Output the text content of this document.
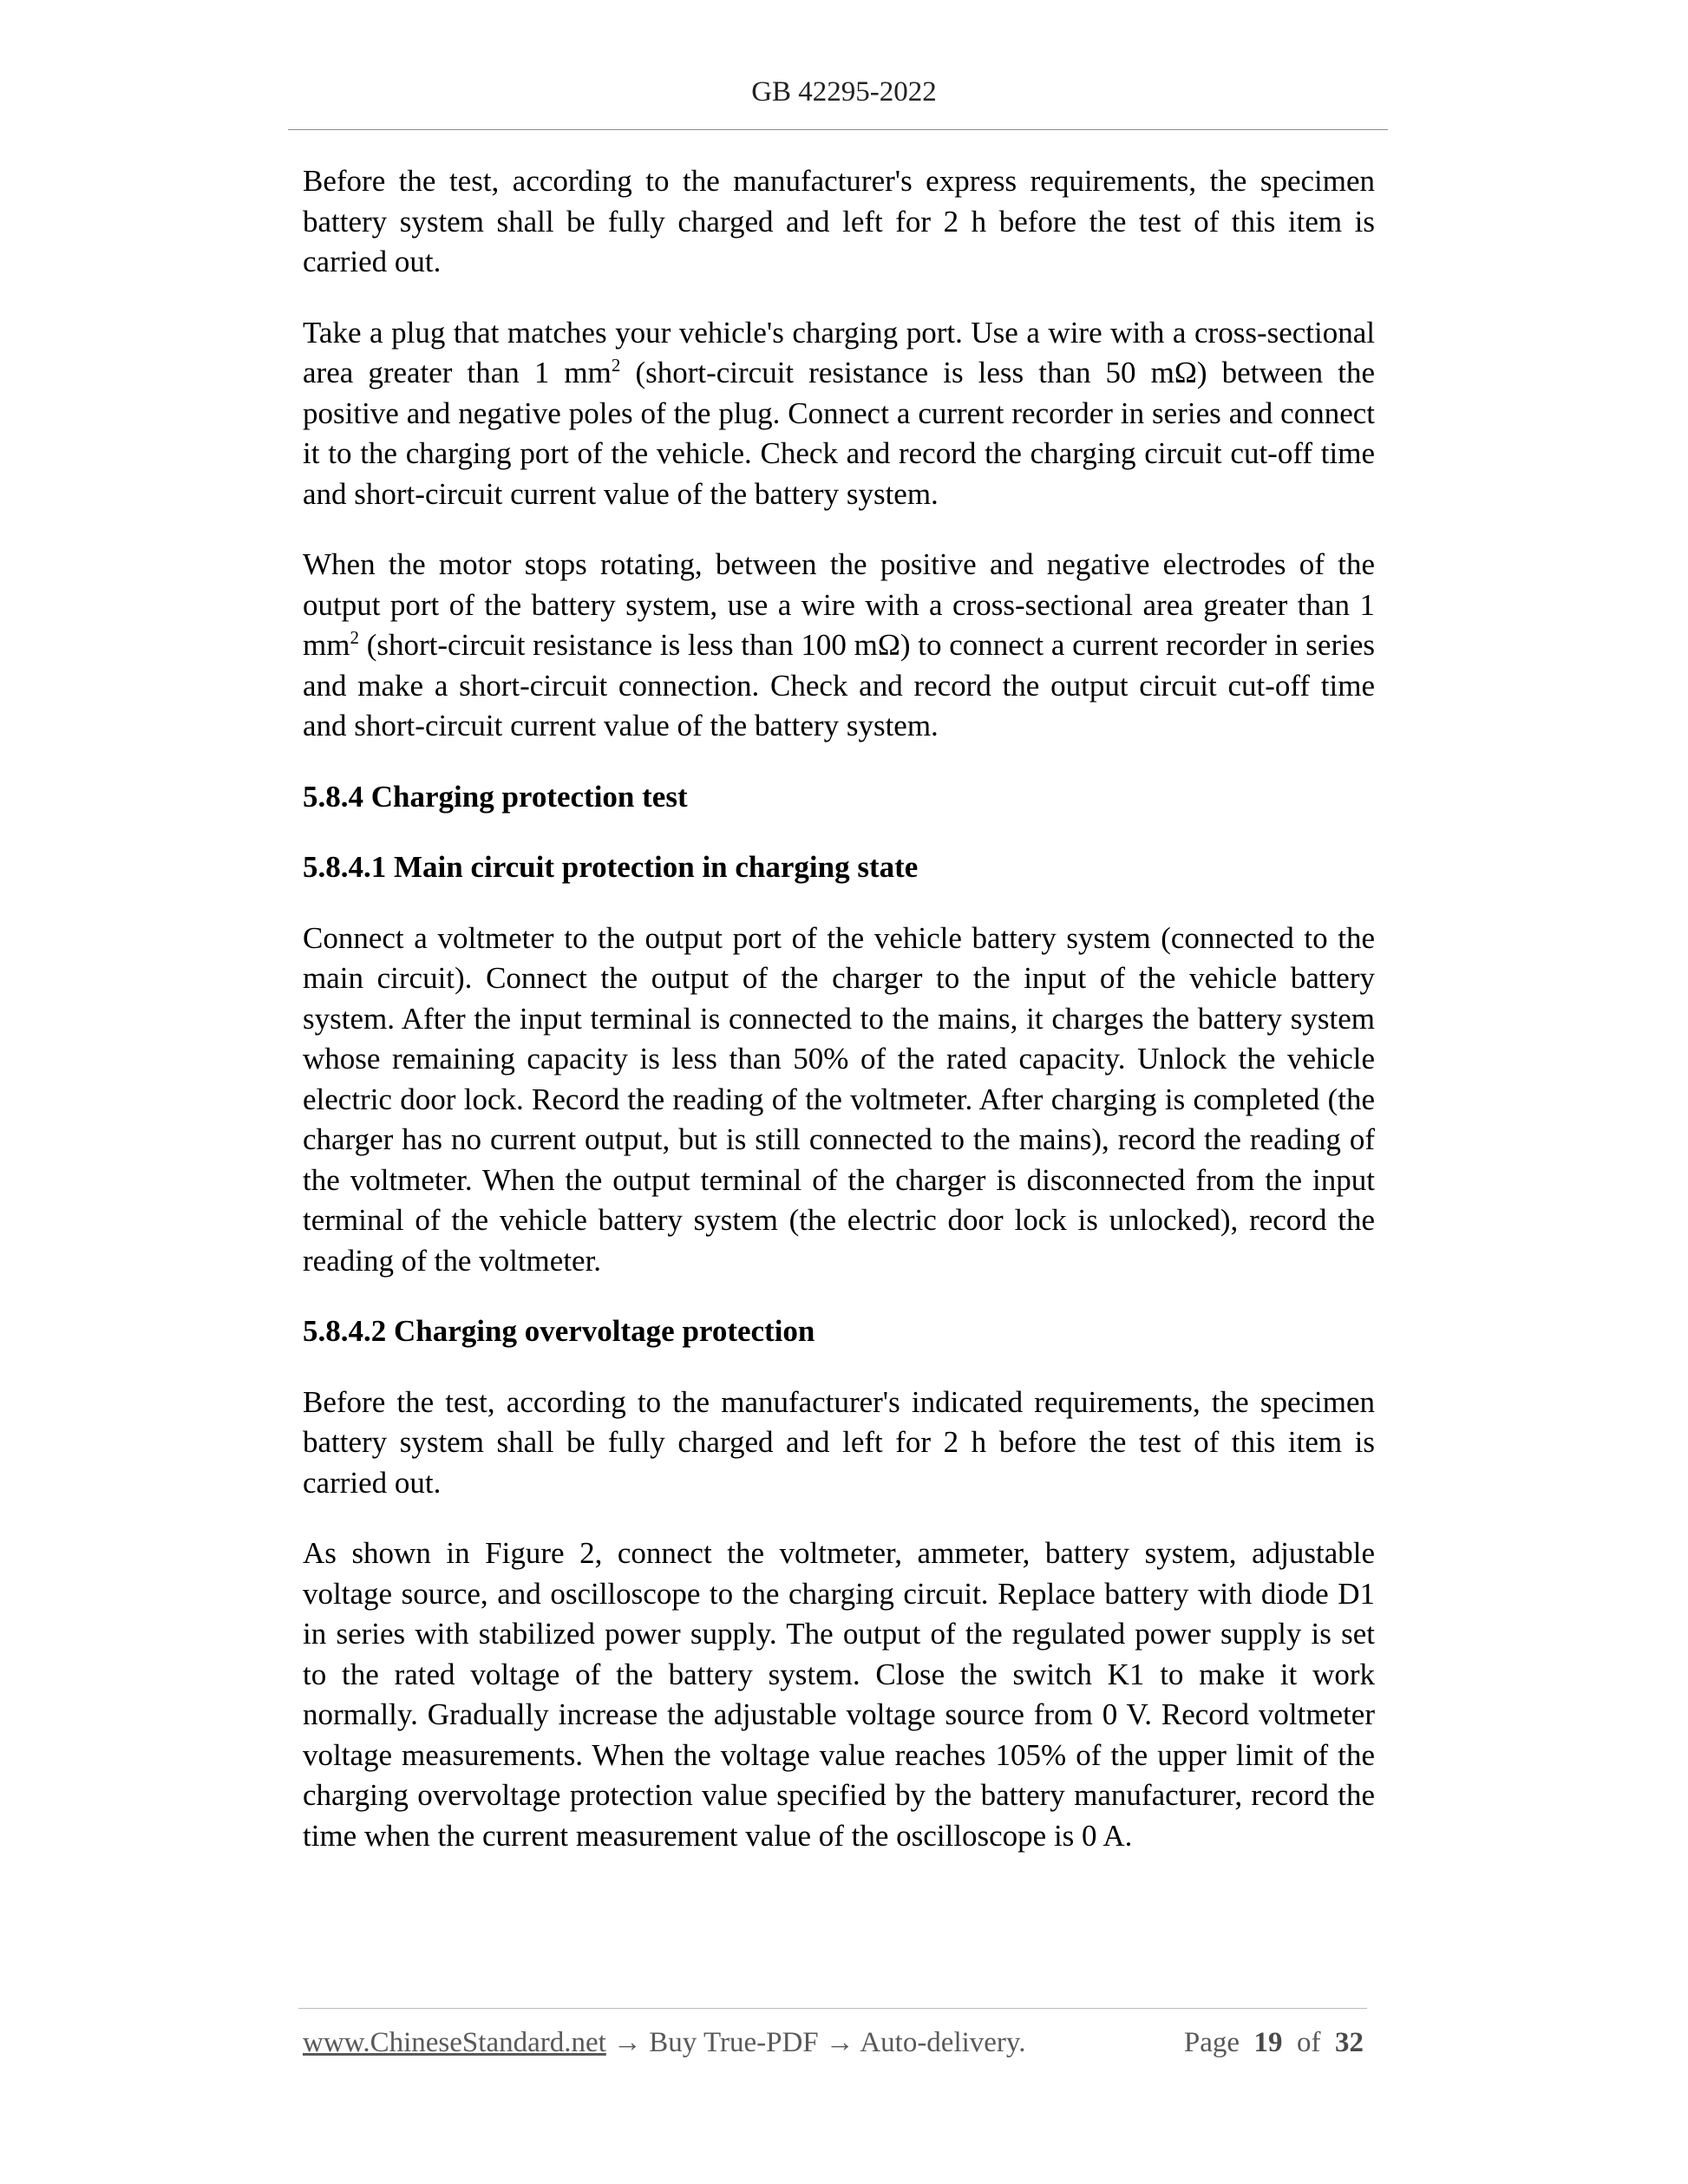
GB 42295-2022

Before the test, according to the manufacturer's express requirements, the specimen battery system shall be fully charged and left for 2 h before the test of this item is carried out.

Take a plug that matches your vehicle's charging port. Use a wire with a cross-sectional area greater than 1 $mm^2$ (short-circuit resistance is less than 50 mΩ) between the positive and negative poles of the plug. Connect a current recorder in series and connect it to the charging port of the vehicle. Check and record the charging circuit cut-off time and short-circuit current value of the battery system.

When the motor stops rotating, between the positive and negative electrodes of the output port of the battery system, use a wire with a cross-sectional area greater than 1 $mm^2$ (short-circuit resistance is less than 100 mΩ) to connect a current recorder in series and make a short-circuit connection. Check and record the output circuit cut-off time and short-circuit current value of the battery system.

5.8.4 Charging protection test
5.8.4.1 Main circuit protection in charging state

Connect a voltmeter to the output port of the vehicle battery system (connected to the main circuit). Connect the output of the charger to the input of the vehicle battery system. After the input terminal is connected to the mains, it charges the battery system whose remaining capacity is less than 50% of the rated capacity. Unlock the vehicle electric door lock. Record the reading of the voltmeter. After charging is completed (the charger has no current output, but is still connected to the mains), record the reading of the voltmeter. When the output terminal of the charger is disconnected from the input terminal of the vehicle battery system (the electric door lock is unlocked), record the reading of the voltmeter.

5.8.4.2 Charging overvoltage protection

Before the test, according to the manufacturer's indicated requirements, the specimen battery system shall be fully charged and left for 2 h before the test of this item is carried out.

As shown in Figure 2, connect the voltmeter, ammeter, battery system, adjustable voltage source, and oscilloscope to the charging circuit. Replace battery with diode D1 in series with stabilized power supply. The output of the regulated power supply is set to the rated voltage of the battery system. Close the switch K1 to make it work normally. Gradually increase the adjustable voltage source from 0 V. Record voltmeter voltage measurements. When the voltage value reaches 105% of the upper limit of the charging overvoltage protection value specified by the battery manufacturer, record the time when the current measurement value of the oscilloscope is 0 A.

www.ChineseStandard.net → Buy True-PDF → Auto-delivery.	Page 19 of 32
